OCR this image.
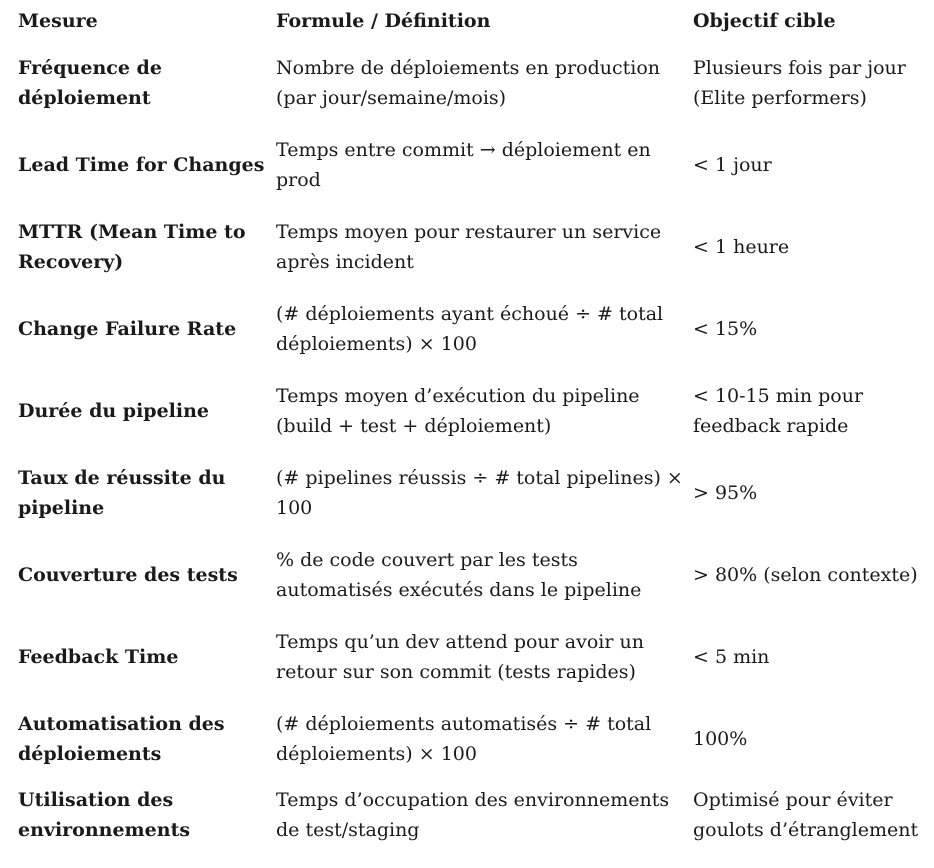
Mesure	Formule / Définition	Objectif cible
Fréquence de déploiement	Nombre de déploiements en production (par jour/semaine/mois)	Plusieurs fois par jour (Elite performers)
Lead Time for Changes	Temps entre commit → déploiement en prod	< 1 jour
MTTR (Mean Time to Recovery)	Temps moyen pour restaurer un service après incident	< 1 heure
Change Failure Rate	(# déploiements ayant échoué ÷ # total déploiements) × 100	< 15%
Durée du pipeline	Temps moyen d’exécution du pipeline (build + test + déploiement)	< 10-15 min pour feedback rapide
Taux de réussite du pipeline	(# pipelines réussis ÷ # total pipelines) × 100	> 95%
Couverture des tests	% de code couvert par les tests automatisés exécutés dans le pipeline	> 80% (selon contexte)
Feedback Time	Temps qu’un dev attend pour avoir un retour sur son commit (tests rapides)	< 5 min
Automatisation des déploiements	(# déploiements automatisés ÷ # total déploiements) × 100	100%
Utilisation des environnements	Temps d’occupation des environnements de test/staging	Optimisé pour éviter goulots d’étranglement
